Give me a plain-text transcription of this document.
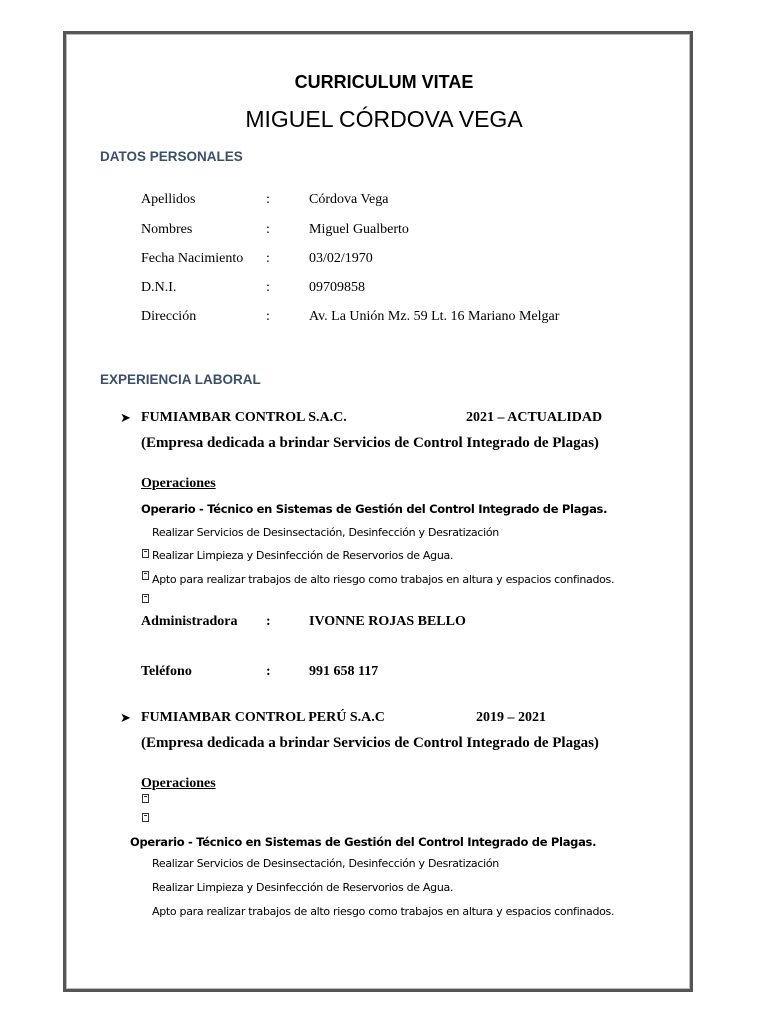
CURRICULUM VITAE
MIGUEL CÓRDOVA VEGA
DATOS PERSONALES
Apellidos	:	Córdova Vega
Nombres	:	Miguel Gualberto
Fecha Nacimiento :	03/02/1970
D.N.I.	:	09709858
Dirección	:	Av. La Unión Mz. 59 Lt. 16 Mariano Melgar
EXPERIENCIA LABORAL
➤ FUMIAMBAR CONTROL S.A.C.	2021 – ACTUALIDAD
(Empresa dedicada a brindar Servicios de Control Integrado de Plagas)
Operaciones
Operario - Técnico en Sistemas de Gestión del Control Integrado de Plagas.
Realizar Servicios de Desinsectación, Desinfección y Desratización
Realizar Limpieza y Desinfección de Reservorios de Agua.
Apto para realizar trabajos de alto riesgo como trabajos en altura y espacios confinados.
Administradora :	IVONNE ROJAS BELLO
Teléfono	:	991 658 117
➤ FUMIAMBAR CONTROL PERÚ S.A.C	2019 – 2021
(Empresa dedicada a brindar Servicios de Control Integrado de Plagas)
Operaciones
Operario - Técnico en Sistemas de Gestión del Control Integrado de Plagas.
Realizar Servicios de Desinsectación, Desinfección y Desratización
Realizar Limpieza y Desinfección de Reservorios de Agua.
Apto para realizar trabajos de alto riesgo como trabajos en altura y espacios confinados.
